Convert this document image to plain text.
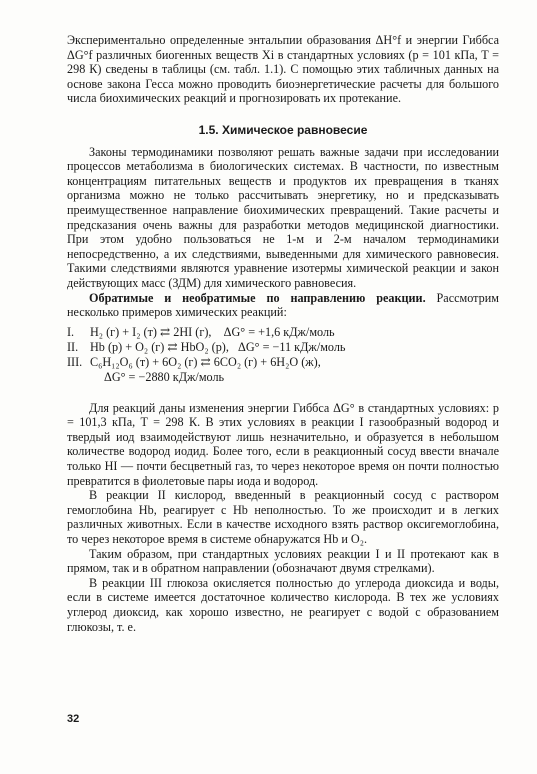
Экспериментально определенные энтальпии образования ΔH°f и энергии Гиббса ΔG°f различных биогенных веществ Xi в стандартных условиях (p = 101 кПа, T = 298 К) сведены в таблицы (см. табл. 1.1). С помощью этих табличных данных на основе закона Гесса можно проводить биоэнергетические расчеты для большого числа биохимических реакций и прогнозировать их протекание.

1.5. Химическое равновесие

Законы термодинамики позволяют решать важные задачи при исследовании процессов метаболизма в биологических системах. В частности, по известным концентрациям питательных веществ и продуктов их превращения в тканях организма можно не только рассчитывать энергетику, но и предсказывать преимущественное направление биохимических превращений. Такие расчеты и предсказания очень важны для разработки методов медицинской диагностики. При этом удобно пользоваться не 1-м и 2-м началом термодинамики непосредственно, а их следствиями, выведенными для химического равновесия. Такими следствиями являются уравнение изотермы химической реакции и закон действующих масс (ЗДМ) для химического равновесия.

Обратимые и необратимые по направлению реакции. Рассмотрим несколько примеров химических реакций:

I.	H₂ (г) + I₂ (т) ⇄ 2HI (г), ΔG° = +1,6 кДж/моль
II. Hb (р) + O₂ (г) ⇄ HbO₂ (р), ΔG° = −11 кДж/моль
III. C₆H₁₂O₆ (т) + 6O₂ (г) ⇄ 6CO₂ (г) + 6H₂O (ж),
ΔG° = −2880 кДж/моль

Для реакций даны изменения энергии Гиббса ΔG° в стандартных условиях: p = 101,3 кПа, T = 298 К. В этих условиях в реакции I газообразный водород и твердый иод взаимодействуют лишь незначительно, и образуется в небольшом количестве водород иодид. Более того, если в реакционный сосуд ввести вначале только HI — почти бесцветный газ, то через некоторое время он почти полностью превратится в фиолетовые пары иода и водород.

В реакции II кислород, введенный в реакционный сосуд с раствором гемоглобина Hb, реагирует с Hb неполностью. То же происходит и в легких различных животных. Если в качестве исходного взять раствор оксигемоглобина, то через некоторое время в системе обнаружатся Hb и O₂.

Таким образом, при стандартных условиях реакции I и II протекают как в прямом, так и в обратном направлении (обозначают двумя стрелками).

В реакции III глюкоза окисляется полностью до углерода диоксида и воды, если в системе имеется достаточное количество кислорода. В тех же условиях углерод диоксид, как хорошо известно, не реагирует с водой с образованием глюкозы, т. е.

32
